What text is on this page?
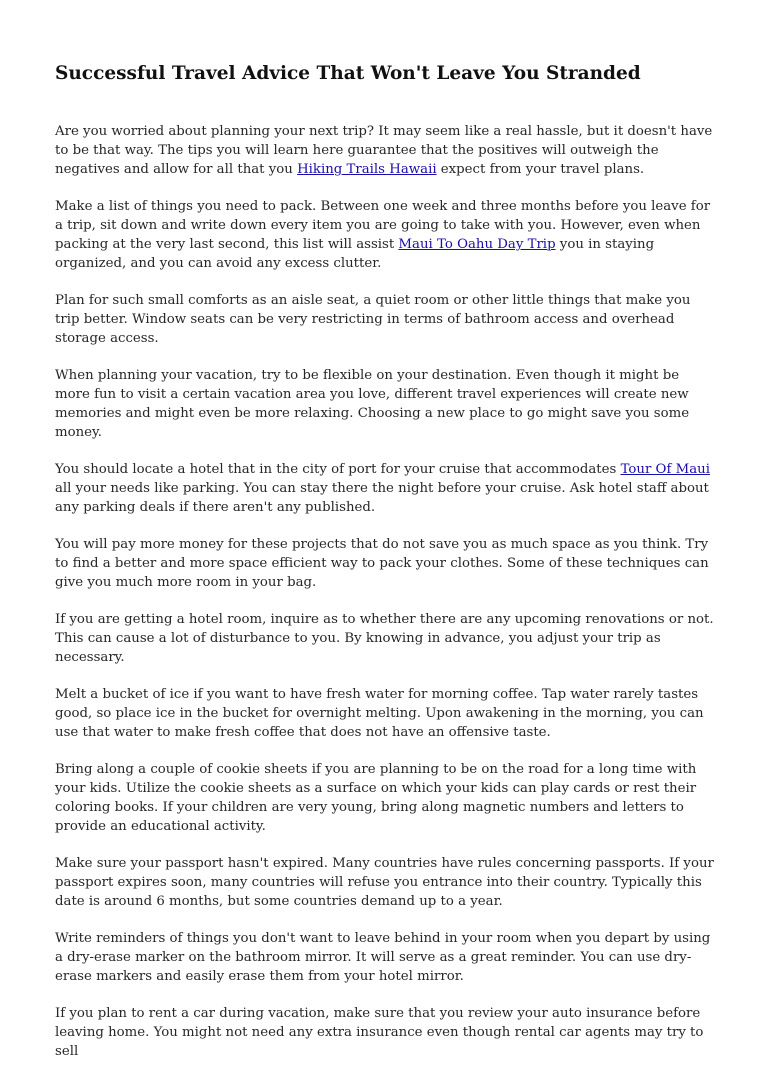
Successful Travel Advice That Won't Leave You Stranded

Are you worried about planning your next trip? It may seem like a real hassle, but it doesn't have to be that way. The tips you will learn here guarantee that the positives will outweigh the negatives and allow for all that you Hiking Trails Hawaii expect from your travel plans.

Make a list of things you need to pack. Between one week and three months before you leave for a trip, sit down and write down every item you are going to take with you. However, even when packing at the very last second, this list will assist Maui To Oahu Day Trip you in staying organized, and you can avoid any excess clutter.

Plan for such small comforts as an aisle seat, a quiet room or other little things that make you trip better. Window seats can be very restricting in terms of bathroom access and overhead storage access.

When planning your vacation, try to be flexible on your destination. Even though it might be more fun to visit a certain vacation area you love, different travel experiences will create new memories and might even be more relaxing. Choosing a new place to go might save you some money.

You should locate a hotel that in the city of port for your cruise that accommodates Tour Of Maui all your needs like parking. You can stay there the night before your cruise. Ask hotel staff about any parking deals if there aren't any published.

You will pay more money for these projects that do not save you as much space as you think. Try to find a better and more space efficient way to pack your clothes. Some of these techniques can give you much more room in your bag.

If you are getting a hotel room, inquire as to whether there are any upcoming renovations or not. This can cause a lot of disturbance to you. By knowing in advance, you adjust your trip as necessary.

Melt a bucket of ice if you want to have fresh water for morning coffee. Tap water rarely tastes good, so place ice in the bucket for overnight melting. Upon awakening in the morning, you can use that water to make fresh coffee that does not have an offensive taste.

Bring along a couple of cookie sheets if you are planning to be on the road for a long time with your kids. Utilize the cookie sheets as a surface on which your kids can play cards or rest their coloring books. If your children are very young, bring along magnetic numbers and letters to provide an educational activity.

Make sure your passport hasn't expired. Many countries have rules concerning passports. If your passport expires soon, many countries will refuse you entrance into their country. Typically this date is around 6 months, but some countries demand up to a year.

Write reminders of things you don't want to leave behind in your room when you depart by using a dry-erase marker on the bathroom mirror. It will serve as a great reminder. You can use dry-erase markers and easily erase them from your hotel mirror.

If you plan to rent a car during vacation, make sure that you review your auto insurance before leaving home. You might not need any extra insurance even though rental car agents may try to sell
